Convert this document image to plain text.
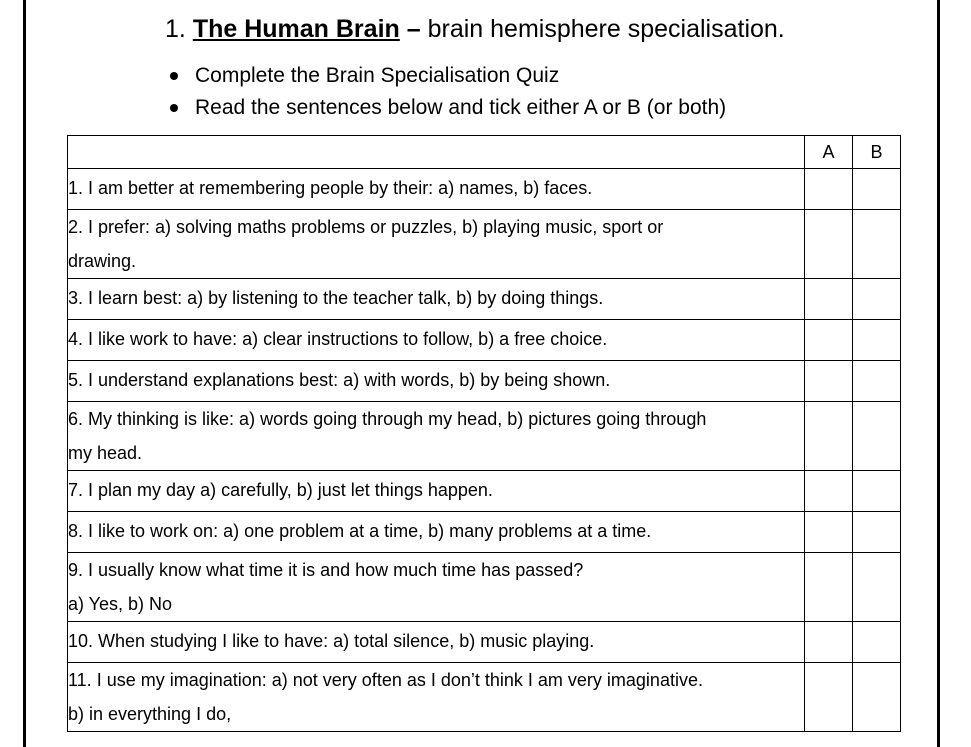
1. The Human Brain – brain hemisphere specialisation.
Complete the Brain Specialisation Quiz
Read the sentences below and tick either A or B (or both)
	A	B

1. I am better at remembering people by their: a) names, b) faces.		

2. I prefer: a) solving maths problems or puzzles, b) playing music, sport or
drawing.		

3. I learn best: a) by listening to the teacher talk, b) by doing things.		

4. I like work to have: a) clear instructions to follow, b) a free choice.		

5. I understand explanations best: a) with words, b) by being shown.		

6. My thinking is like: a) words going through my head, b) pictures going through
my head.		

7. I plan my day a) carefully, b) just let things happen.		

8. I like to work on: a) one problem at a time, b) many problems at a time.		

9. I usually know what time it is and how much time has passed?
a) Yes, b) No		

10. When studying I like to have: a) total silence, b) music playing.		

11. I use my imagination: a) not very often as I don’t think I am very imaginative.
b) in everything I do,		
